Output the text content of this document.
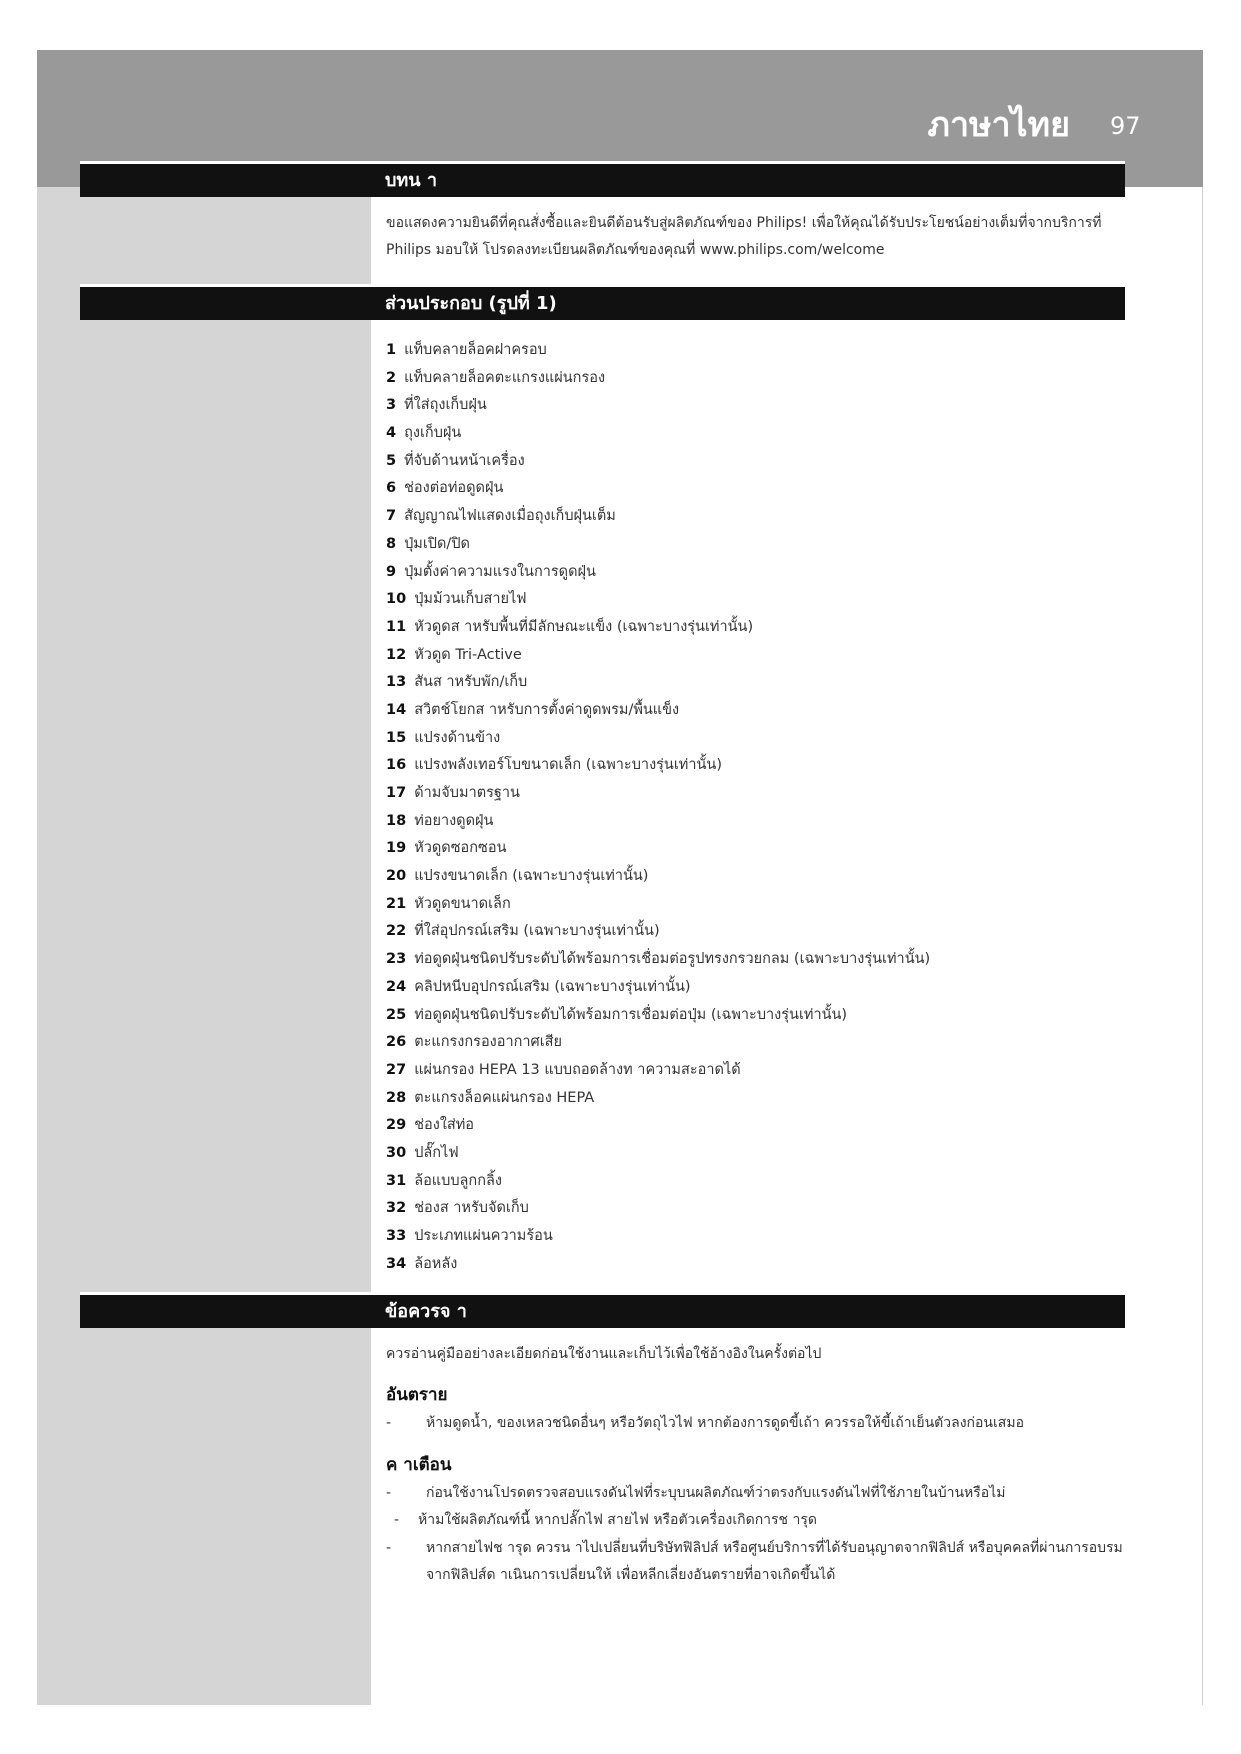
ภาษาไทย 97
บทน า
ขอแสดงความยินดีที่คุณสั่งซื้อและยินดีต้อนรับสู่ผลิตภัณฑ์ของ Philips! เพื่อให้คุณได้รับประโยชน์อย่างเต็มที่จากบริการที่
Philips มอบให้ โปรดลงทะเบียนผลิตภัณฑ์ของคุณที่ www.philips.com/welcome
ส่วนประกอบ (รูปที่ 1)
1 แท็บคลายล็อคฝาครอบ
2 แท็บคลายล็อคตะแกรงแผ่นกรอง
3 ที่ใส่ถุงเก็บฝุ่น
4 ถุงเก็บฝุ่น
5 ที่จับด้านหน้าเครื่อง
6 ช่องต่อท่อดูดฝุ่น
7 สัญญาณไฟแสดงเมื่อถุงเก็บฝุ่นเต็ม
8 ปุ่มเปิด/ปิด
9 ปุ่มตั้งค่าความแรงในการดูดฝุ่น
10 ปุ่มม้วนเก็บสายไฟ
11 หัวดูดส าหรับพื้นที่มีลักษณะแข็ง (เฉพาะบางรุ่นเท่านั้น)
12 หัวดูด Tri-Active
13 สันส าหรับพัก/เก็บ
14 สวิตช์โยกส าหรับการตั้งค่าดูดพรม/พื้นแข็ง
15 แปรงด้านข้าง
16 แปรงพลังเทอร์โบขนาดเล็ก (เฉพาะบางรุ่นเท่านั้น)
17 ด้ามจับมาตรฐาน
18 ท่อยางดูดฝุ่น
19 หัวดูดซอกซอน
20 แปรงขนาดเล็ก (เฉพาะบางรุ่นเท่านั้น)
21 หัวดูดขนาดเล็ก
22 ที่ใส่อุปกรณ์เสริม (เฉพาะบางรุ่นเท่านั้น)
23 ท่อดูดฝุ่นชนิดปรับระดับได้พร้อมการเชื่อมต่อรูปทรงกรวยกลม (เฉพาะบางรุ่นเท่านั้น)
24 คลิปหนีบอุปกรณ์เสริม (เฉพาะบางรุ่นเท่านั้น)
25 ท่อดูดฝุ่นชนิดปรับระดับได้พร้อมการเชื่อมต่อปุ่ม (เฉพาะบางรุ่นเท่านั้น)
26 ตะแกรงกรองอากาศเสีย
27 แผ่นกรอง HEPA 13 แบบถอดล้างท าความสะอาดได้
28 ตะแกรงล็อคแผ่นกรอง HEPA
29 ช่องใส่ท่อ
30 ปลั๊กไฟ
31 ล้อแบบลูกกลิ้ง
32 ช่องส าหรับจัดเก็บ
33 ประเภทแผ่นความร้อน
34 ล้อหลัง
ข้อควรจ า
ควรอ่านคู่มืออย่างละเอียดก่อนใช้งานและเก็บไว้เพื่อใช้อ้างอิงในครั้งต่อไป
อันตราย
- ห้ามดูดน้ำ, ของเหลวชนิดอื่นๆ หรือวัตถุไวไฟ หากต้องการดูดขี้เถ้า ควรรอให้ขี้เถ้าเย็นตัวลงก่อนเสมอ
ค าเตือน
- ก่อนใช้งานโปรดตรวจสอบแรงดันไฟที่ระบุบนผลิตภัณฑ์ว่าตรงกับแรงดันไฟที่ใช้ภายในบ้านหรือไม่
- ห้ามใช้ผลิตภัณฑ์นี้ หากปลั๊กไฟ สายไฟ หรือตัวเครื่องเกิดการช ารุด
- หากสายไฟช ารุด ควรน าไปเปลี่ยนที่บริษัทฟิลิปส์ หรือศูนย์บริการที่ได้รับอนุญาตจากฟิลิปส์ หรือบุคคลที่ผ่านการอบรม
จากฟิลิปส์ด าเนินการเปลี่ยนให้ เพื่อหลีกเลี่ยงอันตรายที่อาจเกิดขึ้นได้
